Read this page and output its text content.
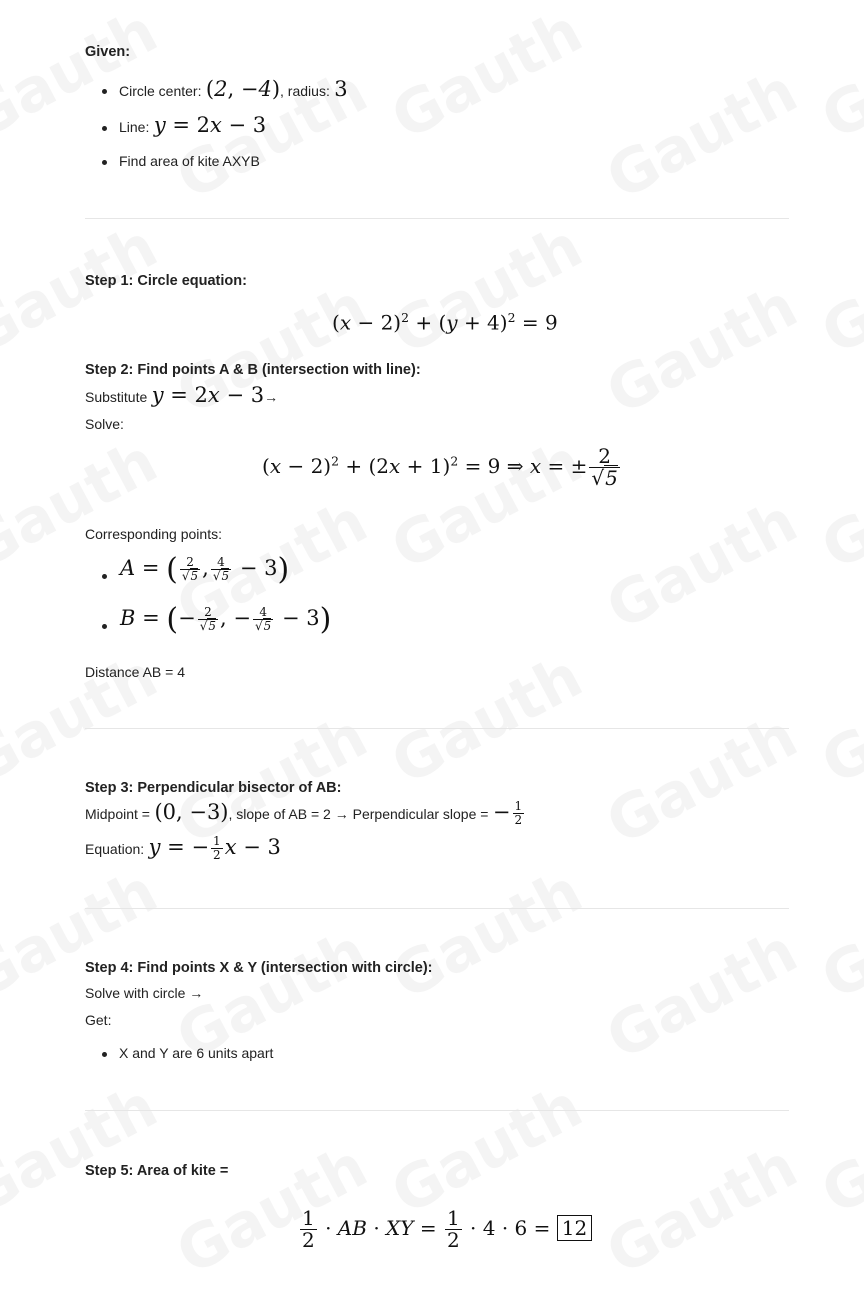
Given:
Circle center: (2, −4), radius: 3
Line: y = 2x − 3
Find area of kite AXYB
Step 1: Circle equation:
$(x - 2)^2 + (y + 4)^2 = 9$
Step 2: Find points A & B (intersection with line):
Substitute y = 2x − 3→
Solve:
$(x - 2)^2 + (2x + 1)^2 = 9$ ⇒ x = ± $\frac{2}{√5}$
Corresponding points:
A = ( $\frac{2}{√5}$ , $\frac{4}{√5} - 3$)
B = (− $\frac{2}{√5}$ , − $\frac{4}{√5} - 3$)
Distance AB = 4
Step 3: Perpendicular bisector of AB:
Midpoint = (0, −3), slope of AB = 2 → Perpendicular slope = − $\frac{1}{2}$
Equation: y = − $\frac{1}{2}$ x − 3
Step 4: Find points X & Y (intersection with circle):
Solve with circle →
Get:
X and Y are 6 units apart
Step 5: Area of kite =
$\frac{1}{2}$ · AB · XY = $\frac{1}{2} \cdot 4 \cdot 6 = 12$
